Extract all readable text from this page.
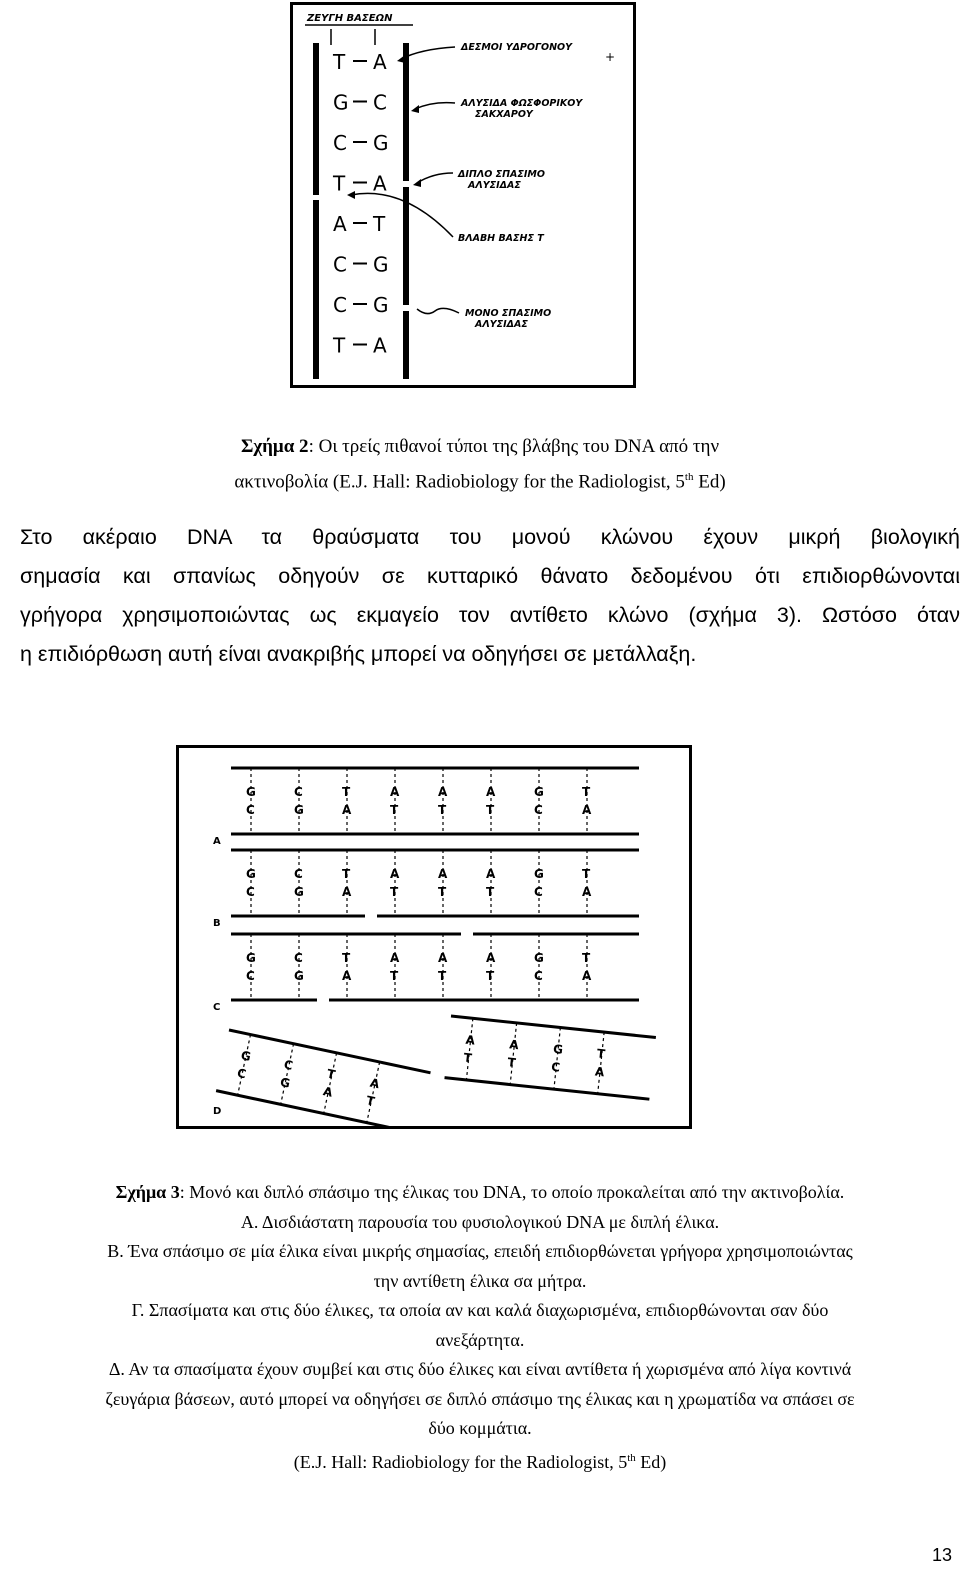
ΖΕΥΓΗ ΒΑΣΕΩΝ
T A
G C
C G
T A
A T
C G
C G
T A
ΔΕΣΜΟΙ ΥΔΡΟΓΟΝΟΥ
ΑΛΥΣΙΔΑ ΦΩΣΦΟΡΙΚΟΥ
ΣΑΚΧΑΡΟΥ
ΔΙΠΛΟ ΣΠΑΣΙΜΟ
ΑΛΥΣΙΔΑΣ
ΒΛΑΒΗ ΒΑΣΗΣ Τ
ΜΟΝΟ ΣΠΑΣΙΜΟ
ΑΛΥΣΙΔΑΣ
+
Σχήμα 2: Οι τρείς πιθανοί τύποι της βλάβης του DNA από την
ακτινοβολία (E.J. Hall: Radiobiology for the Radiologist, 5th Ed)
Στο ακέραιο DNA τα θραύσματα του μονού κλώνου έχουν μικρή βιολογική
σημασία και σπανίως οδηγούν σε κυτταρικό θάνατο δεδομένου ότι επιδιορθώνονται
γρήγορα χρησιμοποιώντας ως εκμαγείο τον αντίθετο κλώνο (σχήμα 3). Ωστόσο όταν
η επιδιόρθωση αυτή είναι ανακριβής μπορεί να οδηγήσει σε μετάλλαξη.
A
B
C
D
G
C
C
G
T
A
A
T
A
T
A
T
G
C
T
A
G
C
C
G
T
A
A
T
A
T
A
T
G
C
T
A
G
C
C
G
T
A
A
T
A
T
A
T
G
C
T
A
G
C
C
G
T
A
A
T
A
T
A
T
G
C
T
A
Σχήμα 3: Μονό και διπλό σπάσιμο της έλικας του DNA, το οποίο προκαλείται από την ακτινοβολία.
Α. Δισδιάστατη παρουσία του φυσιολογικού DNA με διπλή έλικα.
Β. Ένα σπάσιμο σε μία έλικα είναι μικρής σημασίας, επειδή επιδιορθώνεται γρήγορα χρησιμοποιώντας
την αντίθετη έλικα σα μήτρα.
Γ. Σπασίματα και στις δύο έλικες, τα οποία αν και καλά διαχωρισμένα, επιδιορθώνονται σαν δύο
ανεξάρτητα.
Δ. Αν τα σπασίματα έχουν συμβεί και στις δύο έλικες και είναι αντίθετα ή χωρισμένα από λίγα κοντινά
ζευγάρια βάσεων, αυτό μπορεί να οδηγήσει σε διπλό σπάσιμο της έλικας και η χρωματίδα να σπάσει σε
δύο κομμάτια.
(E.J. Hall: Radiobiology for the Radiologist, 5th Ed)
13
